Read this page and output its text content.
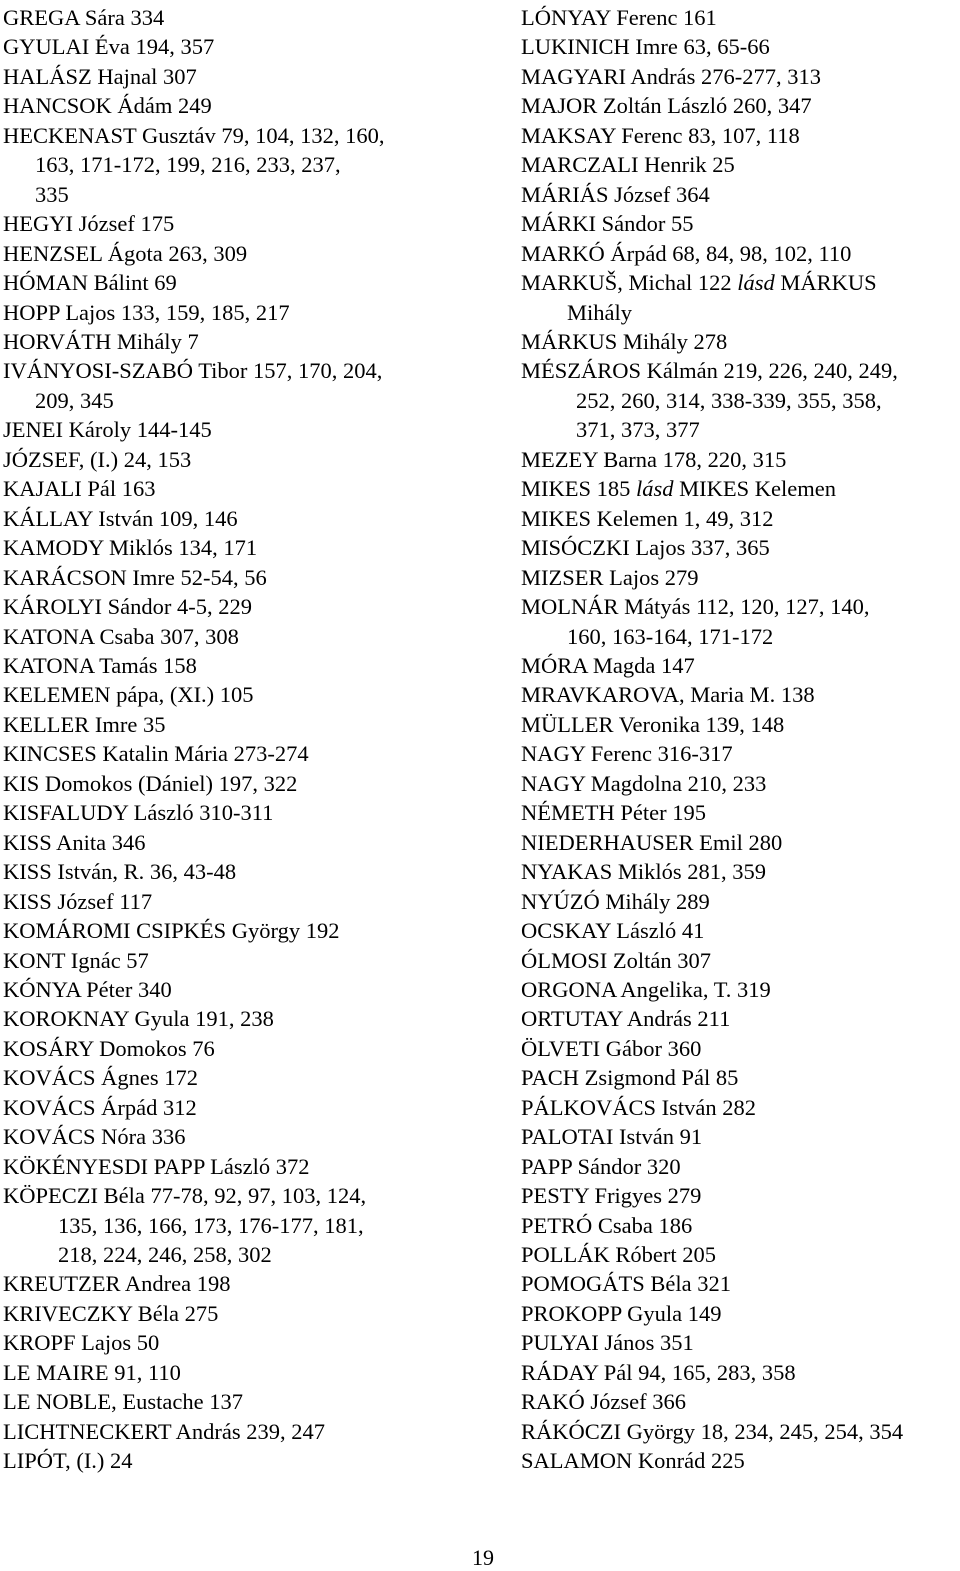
GREGA Sára 334
GYULAI Éva 194, 357
HALÁSZ Hajnal 307
HANCSOK Ádám 249
HECKENAST Gusztáv 79, 104, 132, 160,
163, 171-172, 199, 216, 233, 237,
335
HEGYI József 175
HENZSEL Ágota 263, 309
HÓMAN Bálint 69
HOPP Lajos 133, 159, 185, 217
HORVÁTH Mihály 7
IVÁNYOSI-SZABÓ Tibor 157, 170, 204,
209, 345
JENEI Károly 144-145
JÓZSEF, (I.) 24, 153
KAJALI Pál 163
KÁLLAY István 109, 146
KAMODY Miklós 134, 171
KARÁCSON Imre 52-54, 56
KÁROLYI Sándor 4-5, 229
KATONA Csaba 307, 308
KATONA Tamás 158
KELEMEN pápa, (XI.) 105
KELLER Imre 35
KINCSES Katalin Mária 273-274
KIS Domokos (Dániel) 197, 322
KISFALUDY László 310-311
KISS Anita 346
KISS István, R. 36, 43-48
KISS József 117
KOMÁROMI CSIPKÉS György 192
KONT Ignác 57
KÓNYA Péter 340
KOROKNAY Gyula 191, 238
KOSÁRY Domokos 76
KOVÁCS Ágnes 172
KOVÁCS Árpád 312
KOVÁCS Nóra 336
KÖKÉNYESDI PAPP László 372
KÖPECZI Béla 77-78, 92, 97, 103, 124,
135, 136, 166, 173, 176-177, 181,
218, 224, 246, 258, 302
KREUTZER Andrea 198
KRIVECZKY Béla 275
KROPF Lajos 50
LE MAIRE 91, 110
LE NOBLE, Eustache 137
LICHTNECKERT András 239, 247
LIPÓT, (I.) 24
LÓNYAY Ferenc 161
LUKINICH Imre 63, 65-66
MAGYARI András 276-277, 313
MAJOR Zoltán László 260, 347
MAKSAY Ferenc 83, 107, 118
MARCZALI Henrik 25
MÁRIÁS József 364
MÁRKI Sándor 55
MARKÓ Árpád 68, 84, 98, 102, 110
MARKUŠ, Michal 122 lásd MÁRKUS
Mihály
MÁRKUS Mihály 278
MÉSZÁROS Kálmán 219, 226, 240, 249,
252, 260, 314, 338-339, 355, 358,
371, 373, 377
MEZEY Barna 178, 220, 315
MIKES 185 lásd MIKES Kelemen
MIKES Kelemen 1, 49, 312
MISÓCZKI Lajos 337, 365
MIZSER Lajos 279
MOLNÁR Mátyás 112, 120, 127, 140,
160, 163-164, 171-172
MÓRA Magda 147
MRAVKAROVA, Maria M. 138
MÜLLER Veronika 139, 148
NAGY Ferenc 316-317
NAGY Magdolna 210, 233
NÉMETH Péter 195
NIEDERHAUSER Emil 280
NYAKAS Miklós 281, 359
NYÚZÓ Mihály 289
OCSKAY László 41
ÓLMOSI Zoltán 307
ORGONA Angelika, T. 319
ORTUTAY András 211
ÖLVETI Gábor 360
PACH Zsigmond Pál 85
PÁLKOVÁCS István 282
PALOTAI István 91
PAPP Sándor 320
PESTY Frigyes 279
PETRÓ Csaba 186
POLLÁK Róbert 205
POMOGÁTS Béla 321
PROKOPP Gyula 149
PULYAI János 351
RÁDAY Pál 94, 165, 283, 358
RAKÓ József 366
RÁKÓCZI György 18, 234, 245, 254, 354
SALAMON Konrád 225
19
